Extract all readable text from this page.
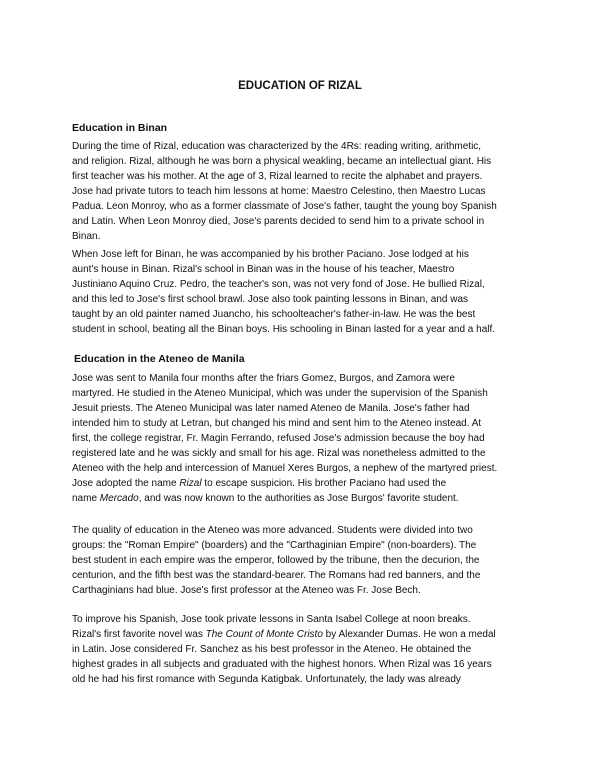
EDUCATION OF RIZAL
Education in Binan
During the time of Rizal, education was characterized by the 4Rs: reading writing, arithmetic,
and religion. Rizal, although he was born a physical weakling, became an intellectual giant. His
first teacher was his mother. At the age of 3, Rizal learned to recite the alphabet and prayers.
Jose had private tutors to teach him lessons at home: Maestro Celestino, then Maestro Lucas
Padua. Leon Monroy, who as a former classmate of Jose's father, taught the young boy Spanish
and Latin. When Leon Monroy died, Jose's parents decided to send him to a private school in
Binan.
When Jose left for Binan, he was accompanied by his brother Paciano. Jose lodged at his
aunt's house in Binan. Rizal's school in Binan was in the house of his teacher, Maestro
Justiniano Aquino Cruz. Pedro, the teacher's son, was not very fond of Jose. He bullied Rizal,
and this led to Jose's first school brawl. Jose also took painting lessons in Binan, and was
taught by an old painter named Juancho, his schoolteacher's father-in-law. He was the best
student in school, beating all the Binan boys. His schooling in Binan lasted for a year and a half.
Education in the Ateneo de Manila
Jose was sent to Manila four months after the friars Gomez, Burgos, and Zamora were
martyred. He studied in the Ateneo Municipal, which was under the supervision of the Spanish
Jesuit priests. The Ateneo Municipal was later named Ateneo de Manila. Jose's father had
intended him to study at Letran, but changed his mind and sent him to the Ateneo instead. At
first, the college registrar, Fr. Magin Ferrando, refused Jose's admission because the boy had
registered late and he was sickly and small for his age. Rizal was nonetheless admitted to the
Ateneo with the help and intercession of Manuel Xeres Burgos, a nephew of the martyred priest.
Jose adopted the name Rizal to escape suspicion. His brother Paciano had used the
name Mercado, and was now known to the authorities as Jose Burgos' favorite student.
The quality of education in the Ateneo was more advanced. Students were divided into two
groups: the "Roman Empire" (boarders) and the "Carthaginian Empire" (non-boarders). The
best student in each empire was the emperor, followed by the tribune, then the decurion, the
centurion, and the fifth best was the standard-bearer. The Romans had red banners, and the
Carthaginians had blue. Jose's first professor at the Ateneo was Fr. Jose Bech.
To improve his Spanish, Jose took private lessons in Santa Isabel College at noon breaks.
Rizal's first favorite novel was The Count of Monte Cristo by Alexander Dumas. He won a medal
in Latin. Jose considered Fr. Sanchez as his best professor in the Ateneo. He obtained the
highest grades in all subjects and graduated with the highest honors. When Rizal was 16 years
old he had his first romance with Segunda Katigbak. Unfortunately, the lady was already
